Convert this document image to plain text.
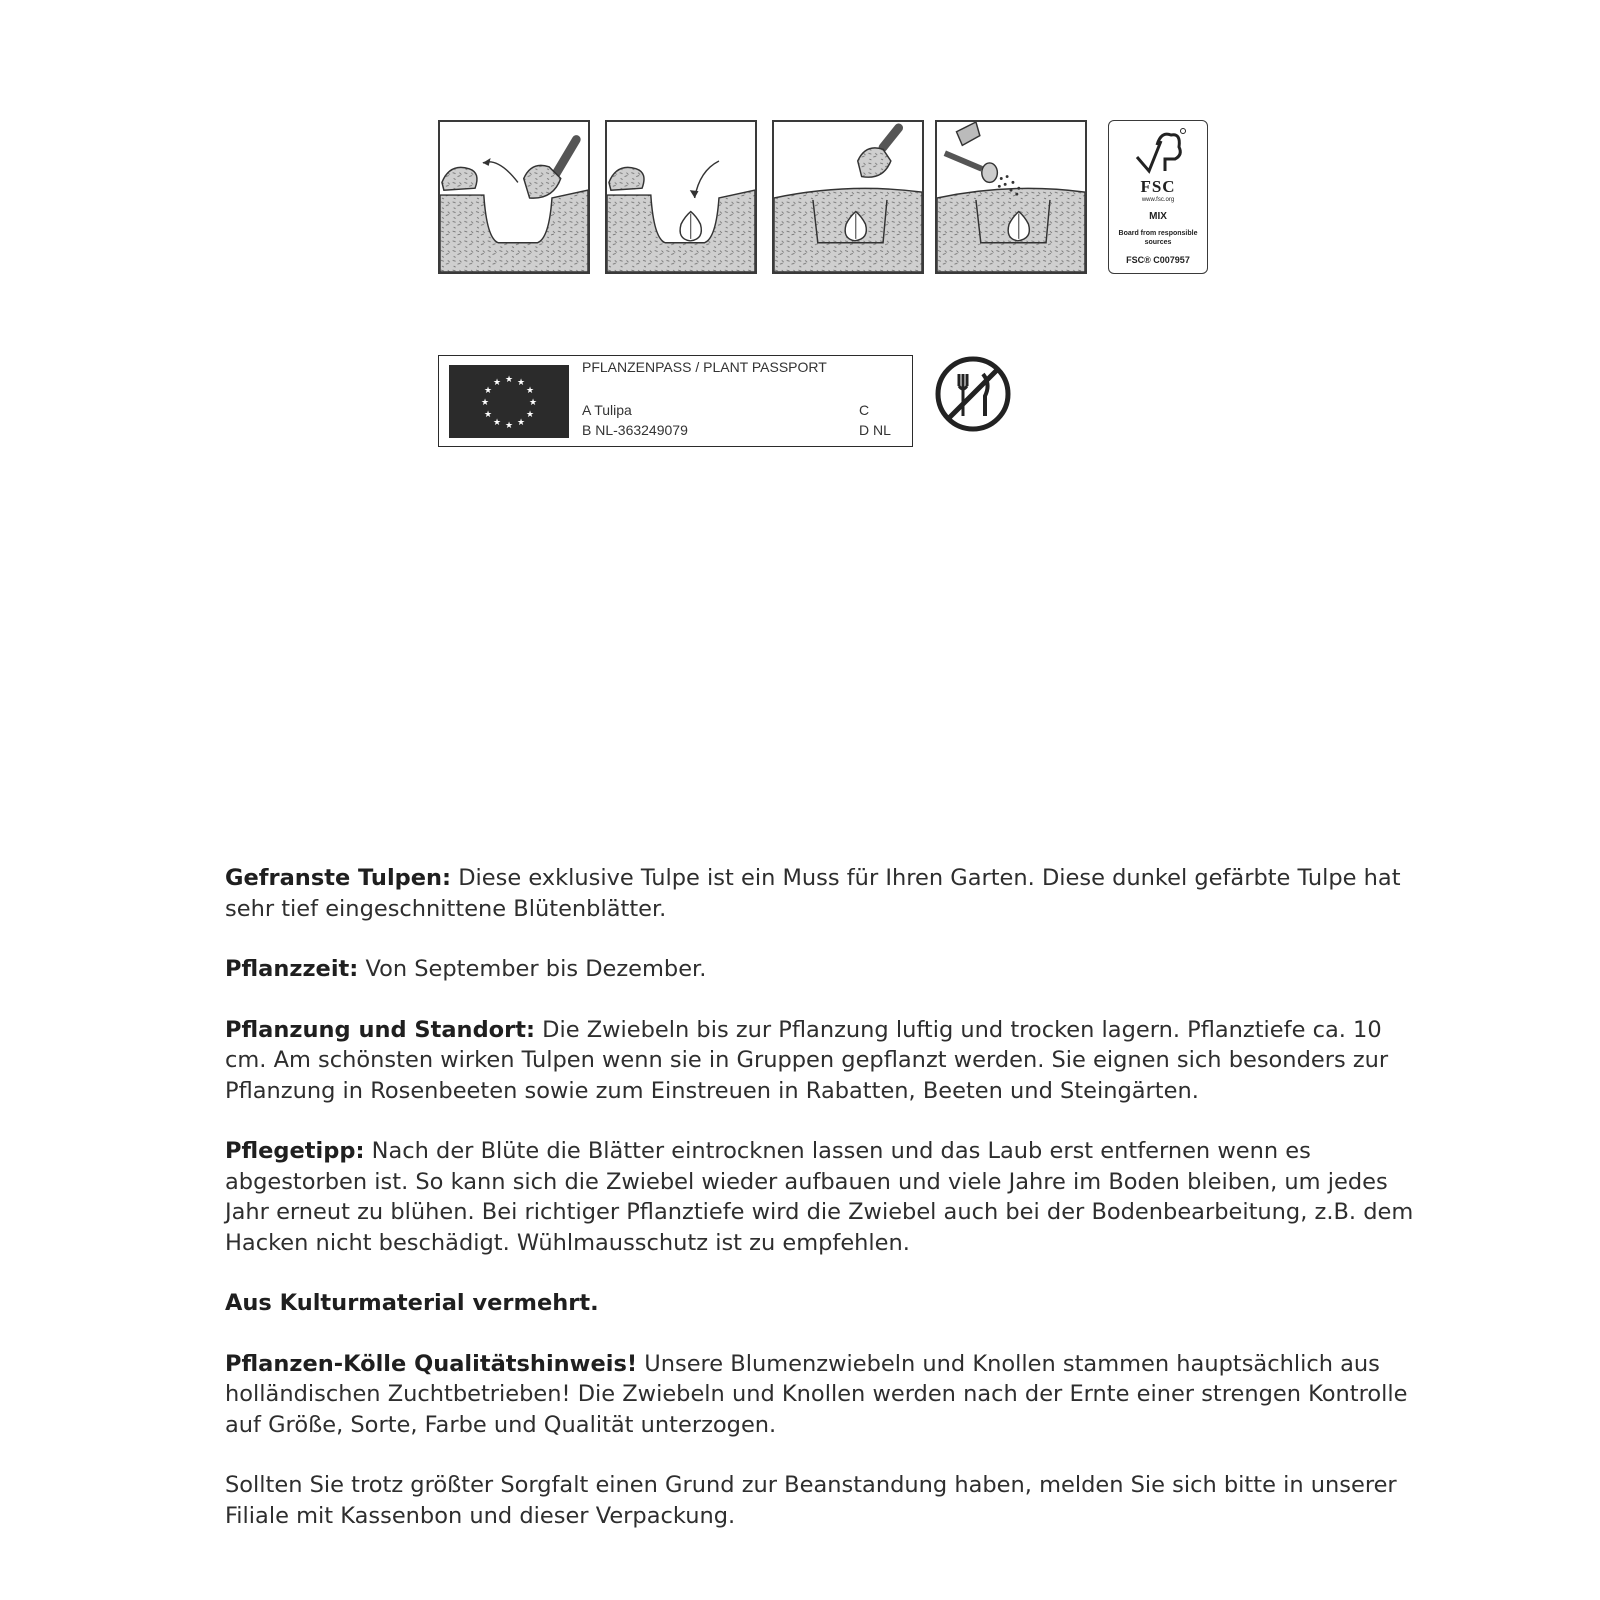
FSC
www.fsc.org
MIX
Board from responsible sources
FSC® C007957
★ ★
★
★
★
★
★
★
★
★
★
★
PFLANZENPASS / PLANT PASSPORT
A Tulipa
B NL-363249079
C
D NL

Gefranste Tulpen: Diese exklusive Tulpe ist ein Muss für Ihren Garten. Diese dunkel gefärbte Tulpe hat sehr tief eingeschnittene Blütenblätter.

Pflanzzeit: Von September bis Dezember.

Pflanzung und Standort: Die Zwiebeln bis zur Pflanzung luftig und trocken lagern. Pflanztiefe ca. 10 cm. Am schönsten wirken Tulpen wenn sie in Gruppen gepflanzt werden. Sie eignen sich besonders zur Pflanzung in Rosenbeeten sowie zum Einstreuen in Rabatten, Beeten und Steingärten.

Pflegetipp: Nach der Blüte die Blätter eintrocknen lassen und das Laub erst entfernen wenn es abgestorben ist. So kann sich die Zwiebel wieder aufbauen und viele Jahre im Boden bleiben, um jedes Jahr erneut zu blühen. Bei richtiger Pflanztiefe wird die Zwiebel auch bei der Bodenbearbeitung, z.B. dem Hacken nicht beschädigt. Wühlmausschutz ist zu empfehlen.

Aus Kulturmaterial vermehrt.

Pflanzen-Kölle Qualitätshinweis! Unsere Blumenzwiebeln und Knollen stammen hauptsächlich aus holländischen Zuchtbetrieben! Die Zwiebeln und Knollen werden nach der Ernte einer strengen Kontrolle auf Größe, Sorte, Farbe und Qualität unterzogen.

Sollten Sie trotz größter Sorgfalt einen Grund zur Beanstandung haben, melden Sie sich bitte in unserer Filiale mit Kassenbon und dieser Verpackung.
